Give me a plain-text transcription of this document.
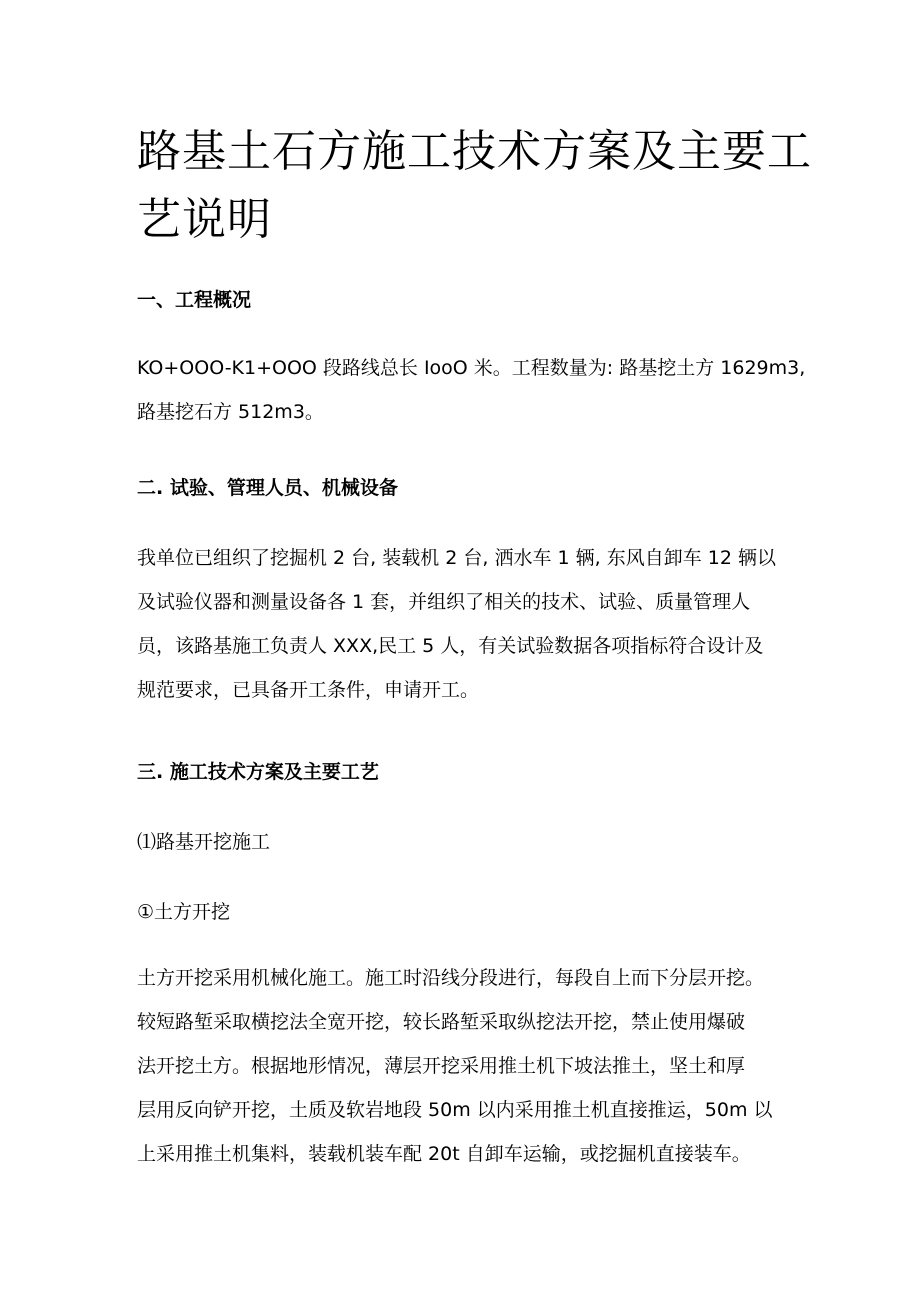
路基土石方施工技术方案及主要工
艺说明
一、工程概况
KO+OOO-K1+OOO 段路线总长 IooO 米。工程数量为: 路基挖土方 1629m3,
路基挖石方 512m3。
二. 试验、管理人员、机械设备
我单位已组织了挖掘机 2 台, 装载机 2 台, 洒水车 1 辆, 东风自卸车 12 辆以
及试验仪器和测量设备各 1 套，并组织了相关的技术、试验、质量管理人
员，该路基施工负责人 XXX,民工 5 人，有关试验数据各项指标符合设计及
规范要求，已具备开工条件，申请开工。
三. 施工技术方案及主要工艺

⑴路基开挖施工

①土方开挖

土方开挖采用机械化施工。施工时沿线分段进行，每段自上而下分层开挖。
较短路堑采取横挖法全宽开挖，较长路堑采取纵挖法开挖，禁止使用爆破
法开挖土方。根据地形情况，薄层开挖采用推土机下坡法推土，坚土和厚
层用反向铲开挖，土质及软岩地段 50m 以内采用推土机直接推运，50m 以
上采用推土机集料，装载机装车配 20t 自卸车运输，或挖掘机直接装车。
